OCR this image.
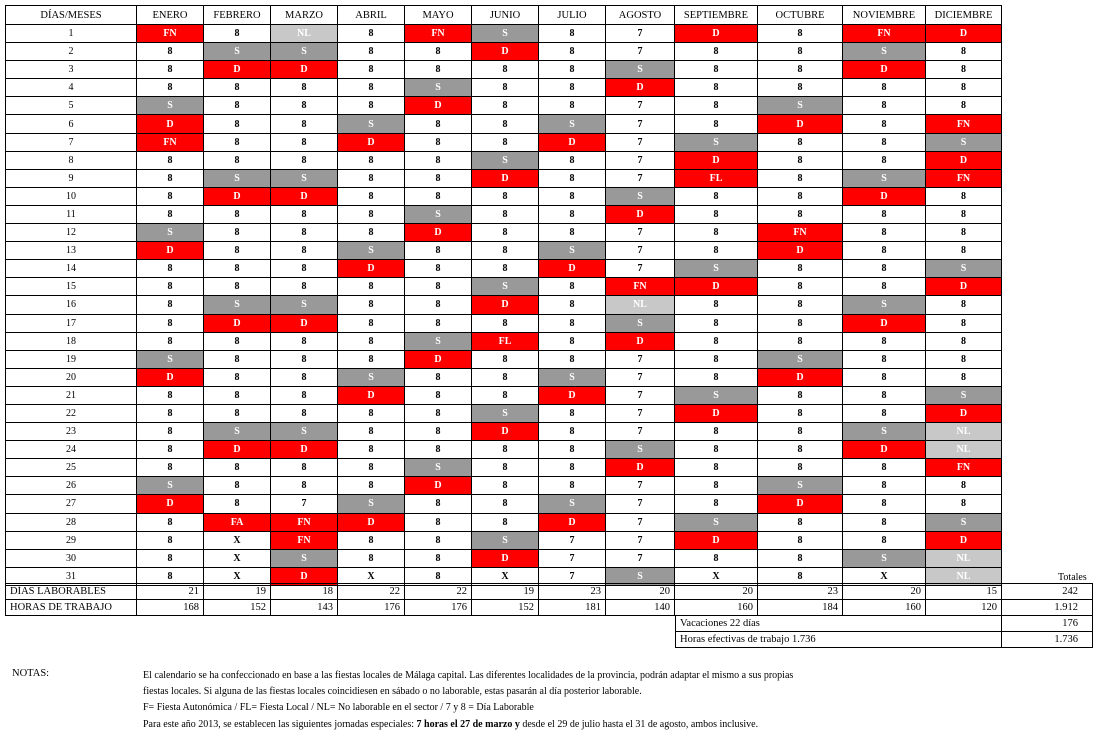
DÍAS/MESES	ENERO	FEBRERO	MARZO	ABRIL	MAYO	JUNIO	JULIO	AGOSTO	SEPTIEMBRE	OCTUBRE	NOVIEMBRE	DICIEMBRE
1	FN	8	NL	8	FN	S	8	7	D	8	FN	D
2	8	S	S	8	8	D	8	7	8	8	S	8
3	8	D	D	8	8	8	8	S	8	8	D	8
4	8	8	8	8	S	8	8	D	8	8	8	8
5	S	8	8	8	D	8	8	7	8	S	8	8
6	D	8	8	S	8	8	S	7	8	D	8	FN
7	FN	8	8	D	8	8	D	7	S	8	8	S
8	8	8	8	8	8	S	8	7	D	8	8	D
9	8	S	S	8	8	D	8	7	FL	8	S	FN
10	8	D	D	8	8	8	8	S	8	8	D	8
11	8	8	8	8	S	8	8	D	8	8	8	8
12	S	8	8	8	D	8	8	7	8	FN	8	8
13	D	8	8	S	8	8	S	7	8	D	8	8
14	8	8	8	D	8	8	D	7	S	8	8	S
15	8	8	8	8	8	S	8	FN	D	8	8	D
16	8	S	S	8	8	D	8	NL	8	8	S	8
17	8	D	D	8	8	8	8	S	8	8	D	8
18	8	8	8	8	S	FL	8	D	8	8	8	8
19	S	8	8	8	D	8	8	7	8	S	8	8
20	D	8	8	S	8	8	S	7	8	D	8	8
21	8	8	8	D	8	8	D	7	S	8	8	S
22	8	8	8	8	8	S	8	7	D	8	8	D
23	8	S	S	8	8	D	8	7	8	8	S	NL
24	8	D	D	8	8	8	8	S	8	8	D	NL
25	8	8	8	8	S	8	8	D	8	8	8	FN
26	S	8	8	8	D	8	8	7	8	S	8	8
27	D	8	7	S	8	8	S	7	8	D	8	8
28	8	FA	FN	D	8	8	D	7	S	8	8	S
29	8	X	FN	8	8	S	7	7	D	8	8	D
30	8	X	S	8	8	D	7	7	8	8	S	NL
31	8	X	D	X	8	X	7	S	X	8	X	NL	Totales
DÍAS LABORABLES	21	19	18	22	22	19	23	20	20	23	20	15	242
HORAS DE TRABAJO	168	152	143	176	176	152	181	140	160	184	160	120	1.912
Vacaciones 22 días	176
Horas efectivas de trabajo 1.736	1.736
NOTAS:	El calendario se ha confeccionado en base a las fiestas locales de Málaga capital. Las diferentes localidades de la provincia, podrán adaptar el mismo a sus propias

fiestas locales. Si alguna de las fiestas locales coincidiesen en sábado o no laborable, estas pasarán al día posterior laborable.

F= Fiesta Autonómica / FL= Fiesta Local / NL= No laborable en el sector / 7 y 8 = Día Laborable

Para este año 2013, se establecen las siguientes jornadas especiales: 7 horas el 27 de marzo y desde el 29 de julio hasta el 31 de agosto, ambos inclusive.
